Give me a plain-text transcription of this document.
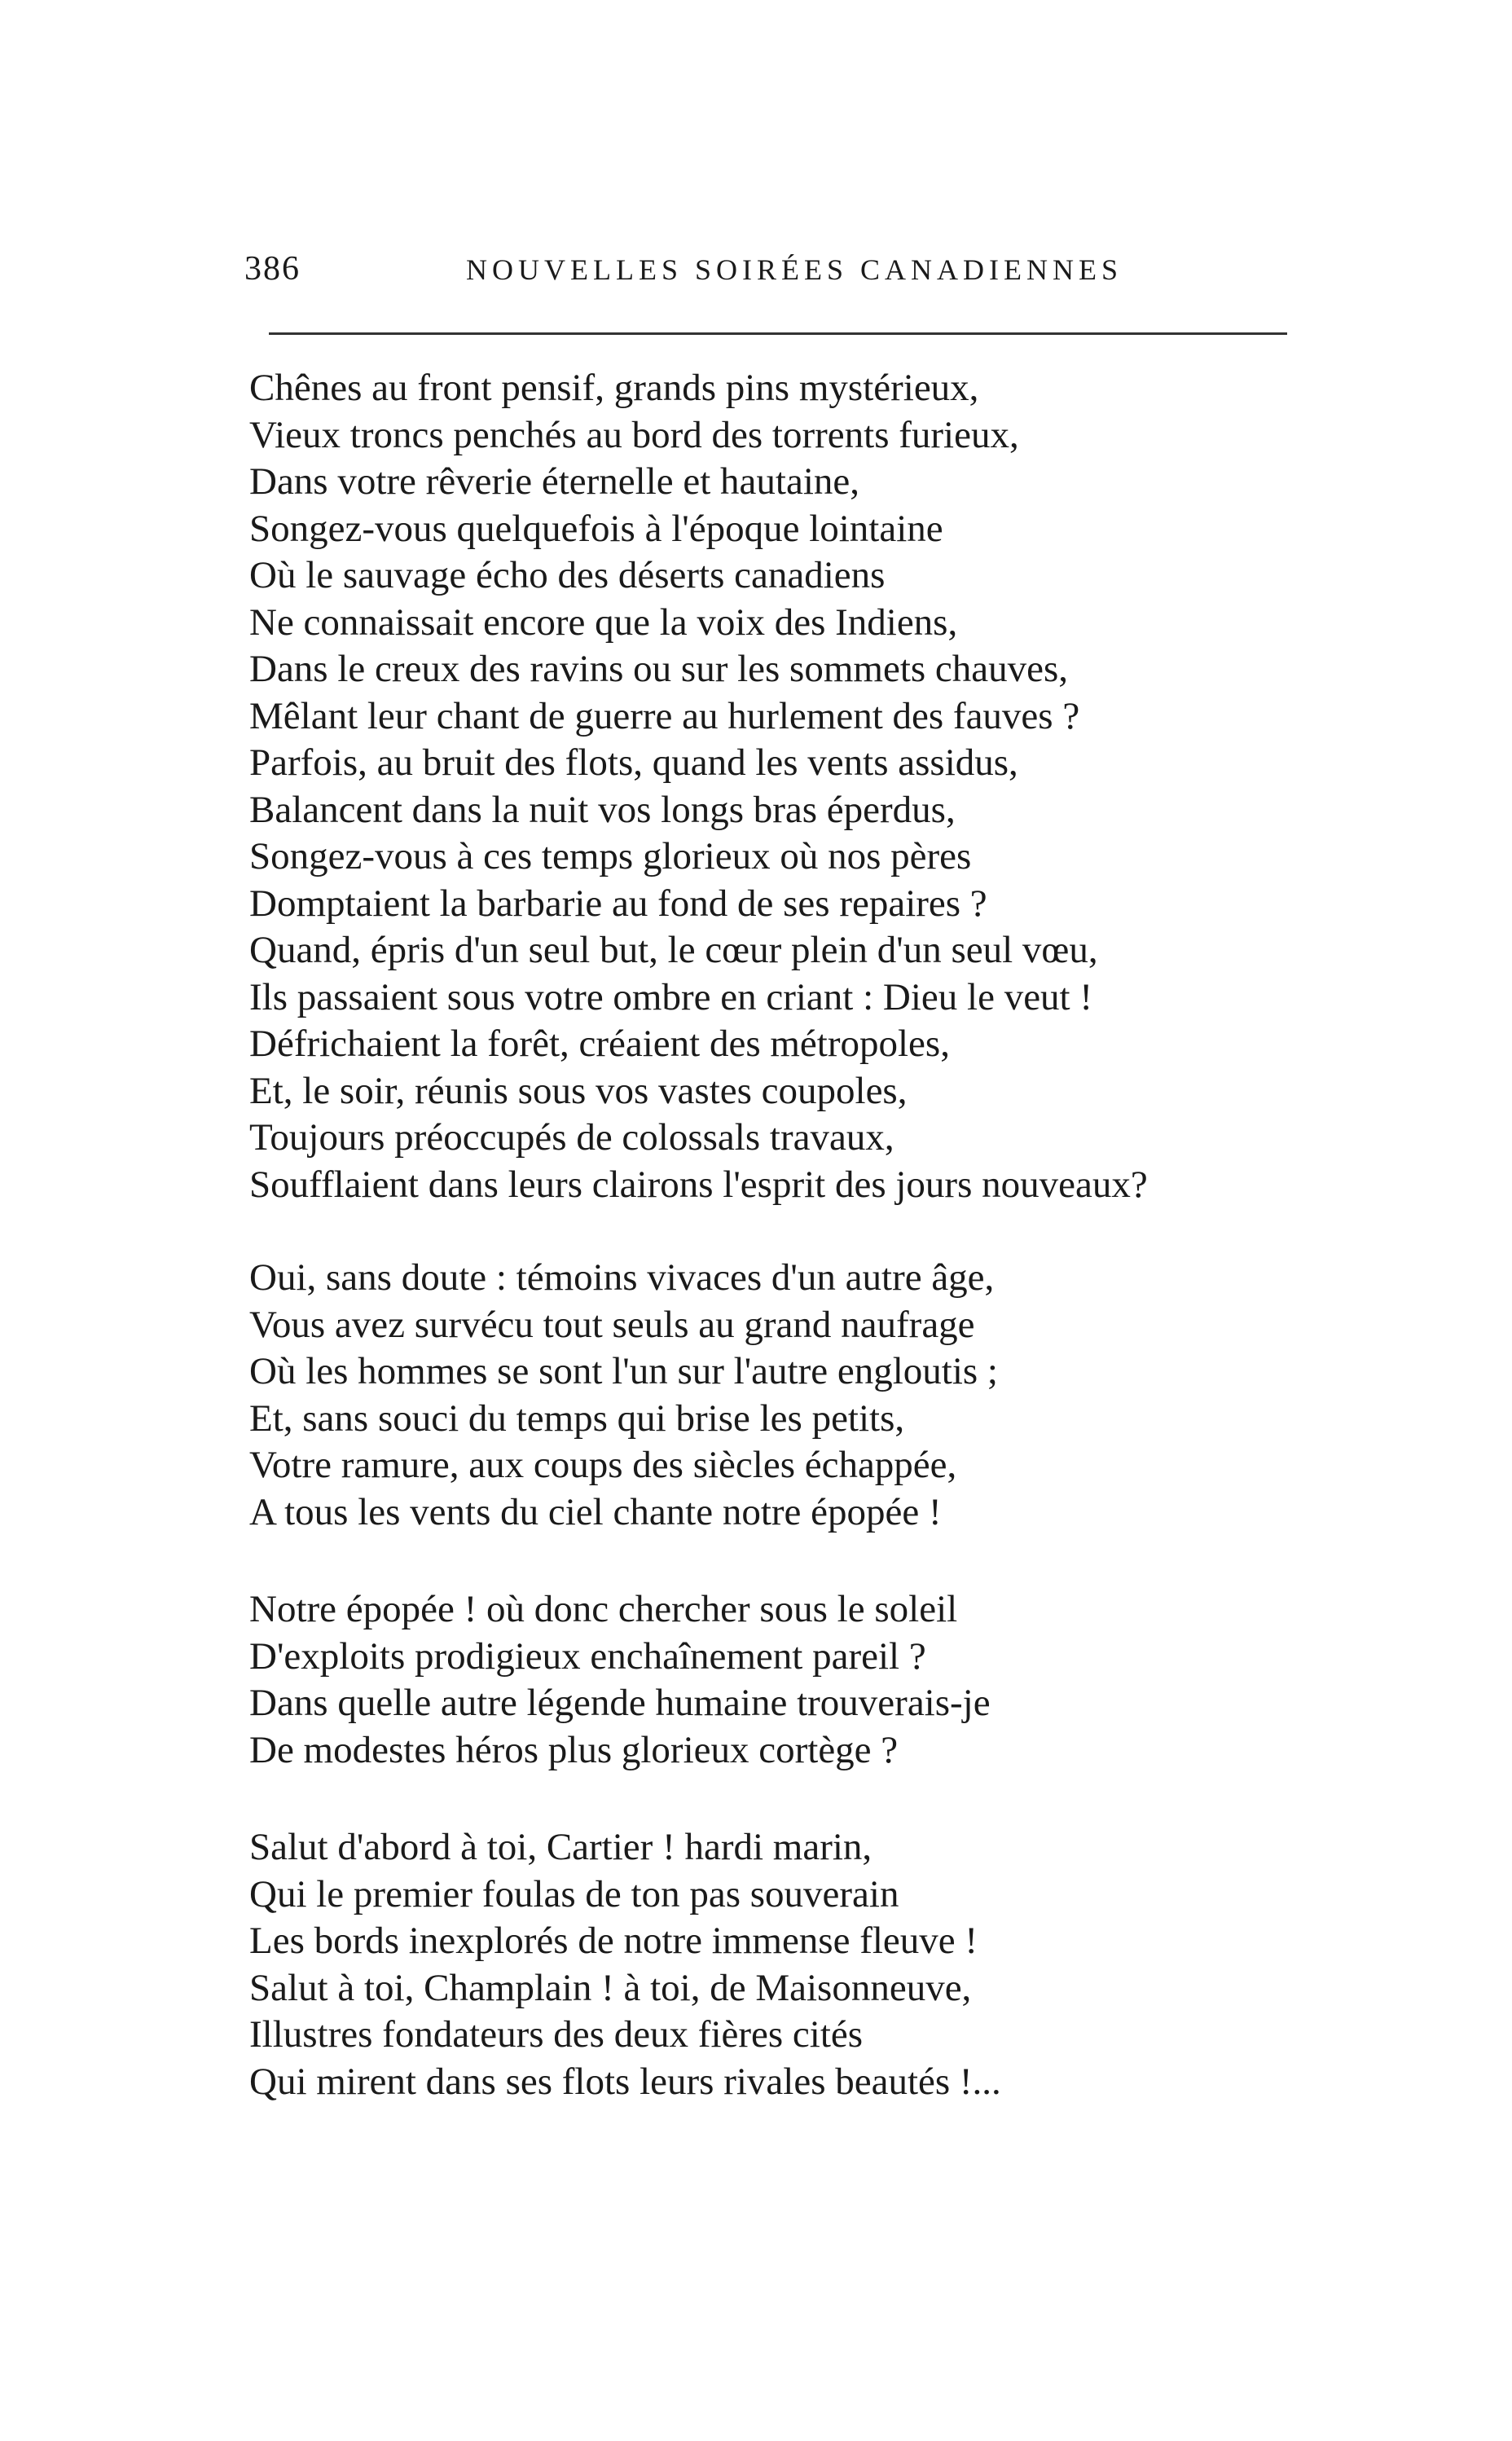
386	NOUVELLES SOIRÉES CANADIENNES
Chênes au front pensif, grands pins mystérieux,
Vieux troncs penchés au bord des torrents furieux,
Dans votre rêverie éternelle et hautaine,
Songez-vous quelquefois à l'époque lointaine
Où le sauvage écho des déserts canadiens
Ne connaissait encore que la voix des Indiens,
Dans le creux des ravins ou sur les sommets chauves,
Mêlant leur chant de guerre au hurlement des fauves ?
Parfois, au bruit des flots, quand les vents assidus,
Balancent dans la nuit vos longs bras éperdus,
Songez-vous à ces temps glorieux où nos pères
Domptaient la barbarie au fond de ses repaires ?
Quand, épris d'un seul but, le cœur plein d'un seul vœu,
Ils passaient sous votre ombre en criant : Dieu le veut !
Défrichaient la forêt, créaient des métropoles,
Et, le soir, réunis sous vos vastes coupoles,
Toujours préoccupés de colossals travaux,
Soufflaient dans leurs clairons l'esprit des jours nouveaux?
Oui, sans doute : témoins vivaces d'un autre âge,
Vous avez survécu tout seuls au grand naufrage
Où les hommes se sont l'un sur l'autre engloutis ;
Et, sans souci du temps qui brise les petits,
Votre ramure, aux coups des siècles échappée,
A tous les vents du ciel chante notre épopée !
Notre épopée ! où donc chercher sous le soleil
D'exploits prodigieux enchaînement pareil ?
Dans quelle autre légende humaine trouverais-je
De modestes héros plus glorieux cortège ?
Salut d'abord à toi, Cartier ! hardi marin,
Qui le premier foulas de ton pas souverain
Les bords inexplorés de notre immense fleuve !
Salut à toi, Champlain ! à toi, de Maisonneuve,
Illustres fondateurs des deux fières cités
Qui mirent dans ses flots leurs rivales beautés !...
